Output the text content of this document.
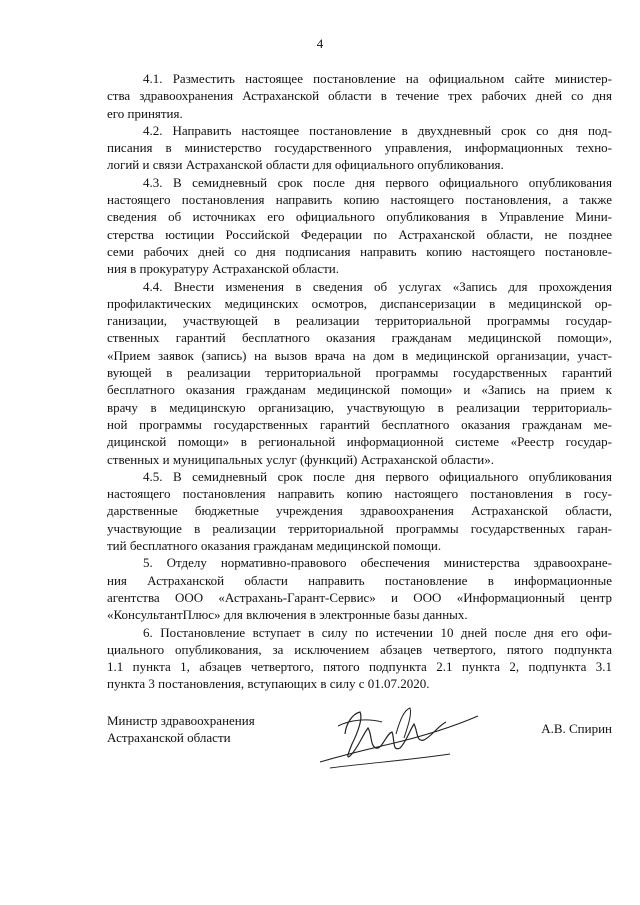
4
4.1. Разместить настоящее постановление на официальном сайте министер-
ства здравоохранения Астраханской области в течение трех рабочих дней со дня
его принятия.
4.2. Направить настоящее постановление в двухдневный срок со дня под-
писания в министерство государственного управления, информационных техно-
логий и связи Астраханской области для официального опубликования.
4.3. В семидневный срок после дня первого официального опубликования
настоящего постановления направить копию настоящего постановления, а также
сведения об источниках его официального опубликования в Управление Мини-
стерства юстиции Российской Федерации по Астраханской области, не позднее
семи рабочих дней со дня подписания направить копию настоящего постановле-
ния в прокуратуру Астраханской области.
4.4. Внести изменения в сведения об услугах «Запись для прохождения
профилактических медицинских осмотров, диспансеризации в медицинской ор-
ганизации, участвующей в реализации территориальной программы государ-
ственных гарантий бесплатного оказания гражданам медицинской помощи»,
«Прием заявок (запись) на вызов врача на дом в медицинской организации, участ-
вующей в реализации территориальной программы государственных гарантий
бесплатного оказания гражданам медицинской помощи» и «Запись на прием к
врачу в медицинскую организацию, участвующую в реализации территориаль-
ной программы государственных гарантий бесплатного оказания гражданам ме-
дицинской помощи» в региональной информационной системе «Реестр государ-
ственных и муниципальных услуг (функций) Астраханской области».
4.5. В семидневный срок после дня первого официального опубликования
настоящего постановления направить копию настоящего постановления в госу-
дарственные бюджетные учреждения здравоохранения Астраханской области,
участвующие в реализации территориальной программы государственных гаран-
тий бесплатного оказания гражданам медицинской помощи.
5. Отделу нормативно-правового обеспечения министерства здравоохране-
ния Астраханской области направить постановление в информационные
агентства ООО «Астрахань-Гарант-Сервис» и ООО «Информационный центр
«КонсультантПлюс» для включения в электронные базы данных.
6. Постановление вступает в силу по истечении 10 дней после дня его офи-
циального опубликования, за исключением абзацев четвертого, пятого подпункта
1.1 пункта 1, абзацев четвертого, пятого подпункта 2.1 пункта 2, подпункта 3.1
пункта 3 постановления, вступающих в силу с 01.07.2020.
Министр здравоохранения
Астраханской области
А.В. Спирин
